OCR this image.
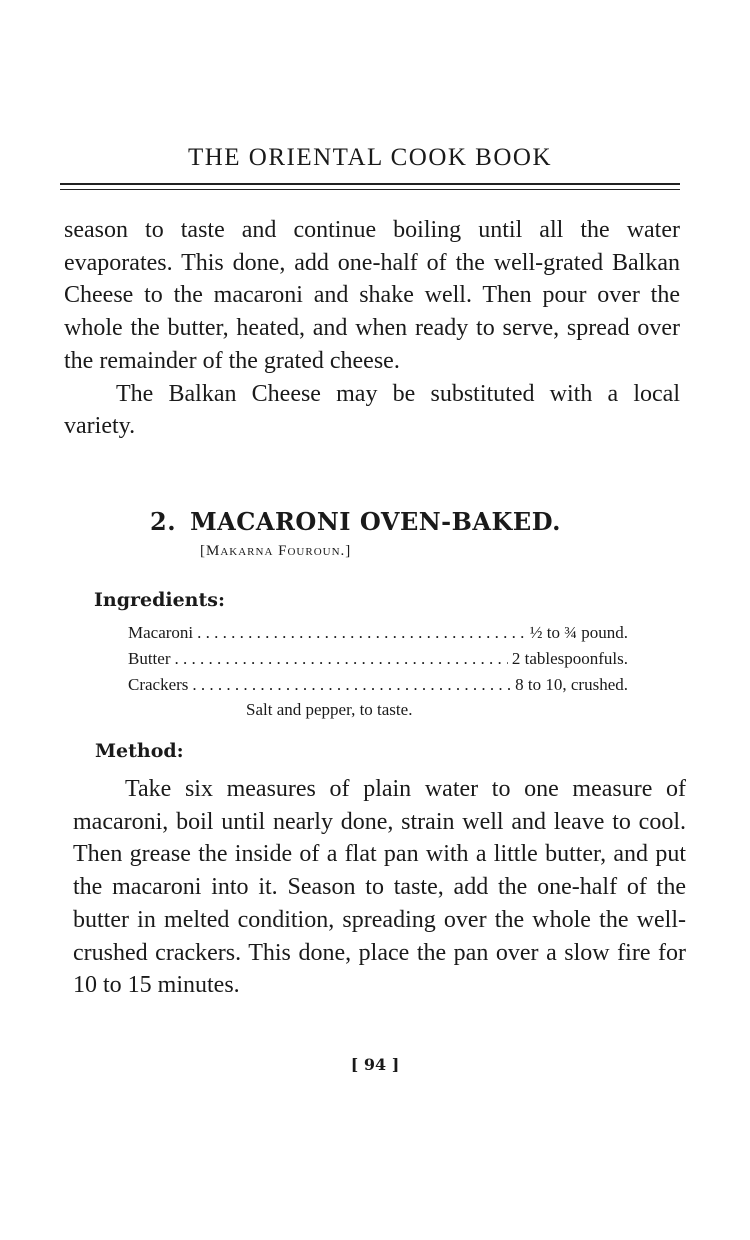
THE ORIENTAL COOK BOOK

season to taste and continue boiling until all the water evaporates. This done, add one-half of the well-grated Balkan Cheese to the macaroni and shake well. Then pour over the whole the butter, heated, and when ready to serve, spread over the remainder of the grated cheese.

The Balkan Cheese may be substituted with a local variety.

2. MACARONI OVEN-BAKED.
[Makarna Fouroun.]
Ingredients:
Macaroni . . .	½ to ¾ pound.
Butter . . .	2 tablespoonfuls.
Crackers . . .	8 to 10, crushed.
Salt and pepper, to taste.
Method:

Take six measures of plain water to one measure of macaroni, boil until nearly done, strain well and leave to cool. Then grease the inside of a flat pan with a little butter, and put the macaroni into it. Season to taste, add the one-half of the butter in melted condition, spreading over the whole the well-crushed crackers. This done, place the pan over a slow fire for 10 to 15 minutes.

[ 94 ]
